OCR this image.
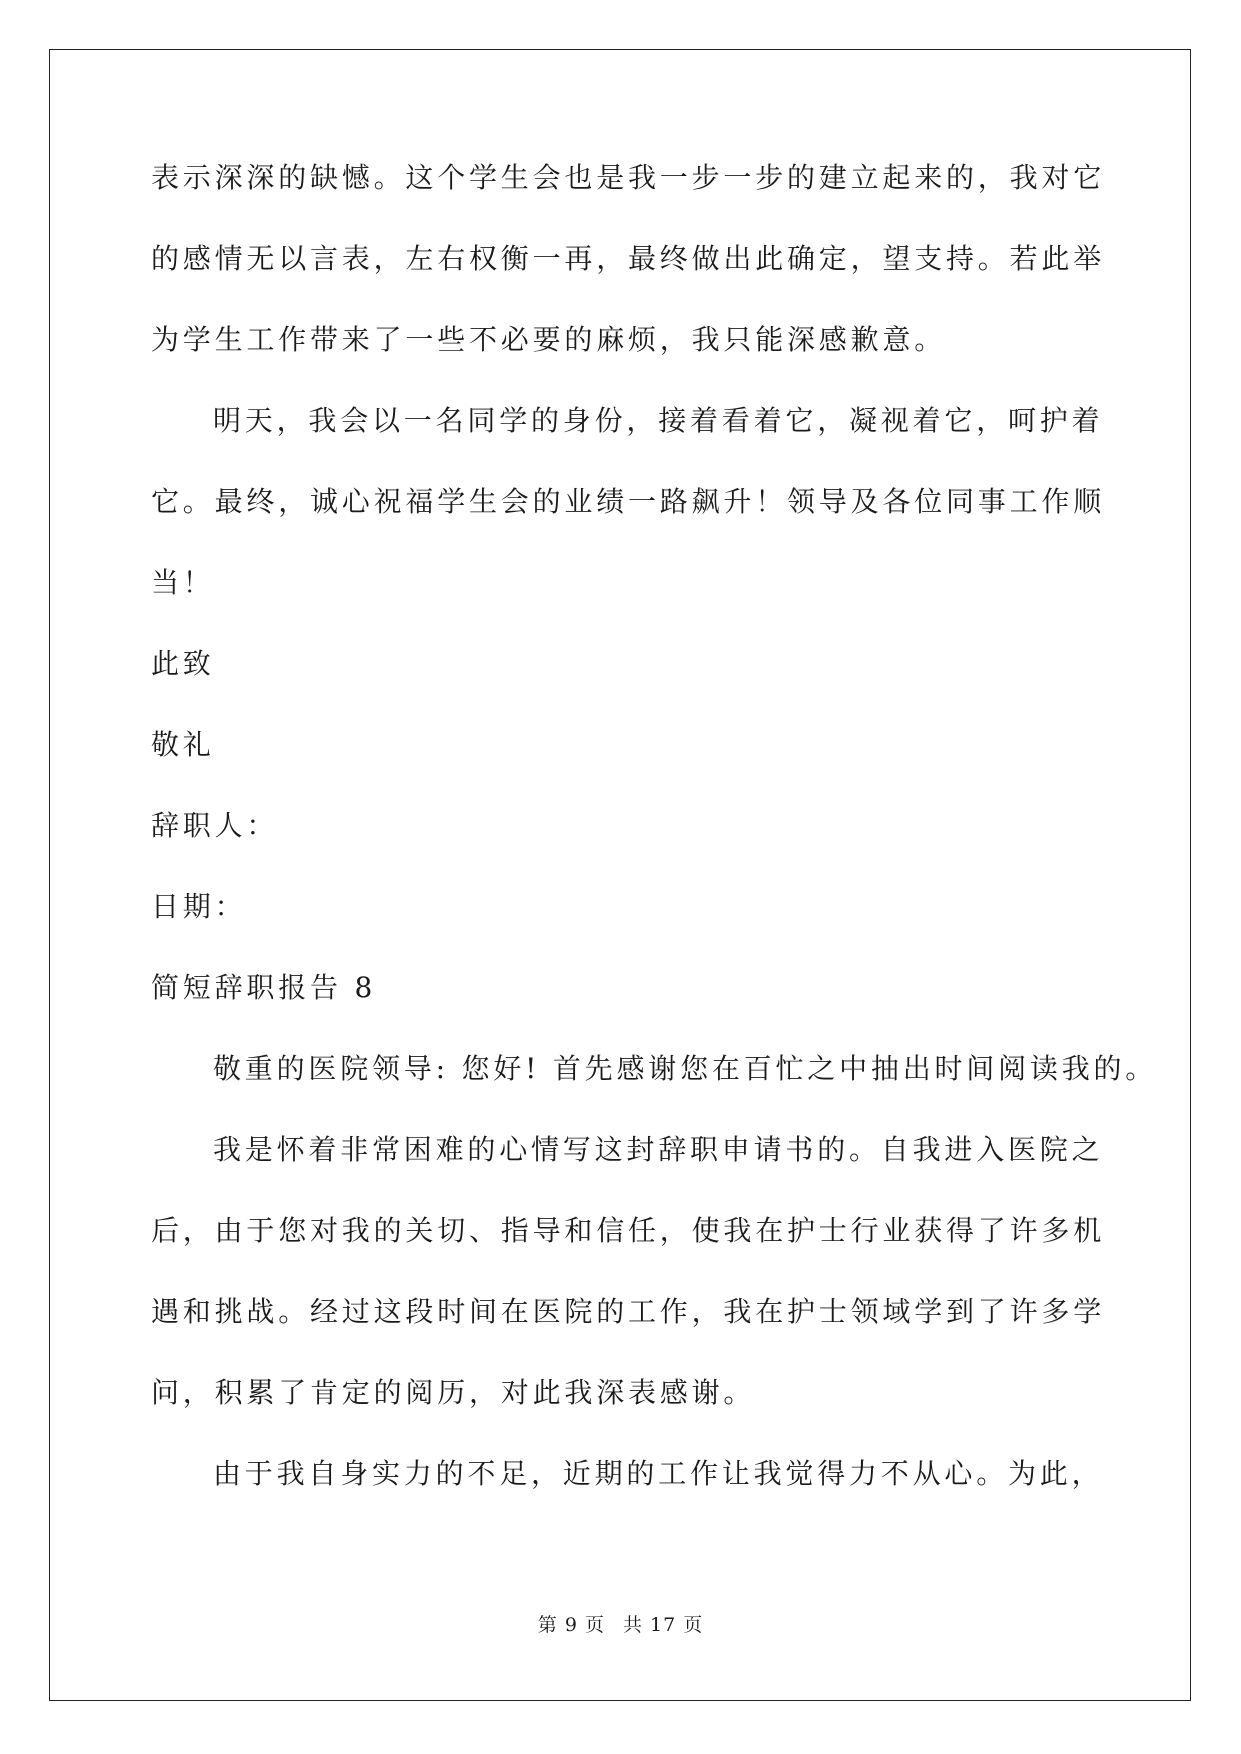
表示深深的缺憾。这个学生会也是我一步一步的建立起来的，我对它
的感情无以言表，左右权衡一再，最终做出此确定，望支持。若此举
为学生工作带来了一些不必要的麻烦，我只能深感歉意。
明天，我会以一名同学的身份，接着看着它，凝视着它，呵护着
它。最终，诚心祝福学生会的业绩一路飙升！领导及各位同事工作顺
当！
此致
敬礼
辞职人：
日期：
简短辞职报告 8
敬重的医院领导: 您好! 首先感谢您在百忙之中抽出时间阅读我的。
我是怀着非常困难的心情写这封辞职申请书的。自我进入医院之
后，由于您对我的关切、指导和信任，使我在护士行业获得了许多机
遇和挑战。经过这段时间在医院的工作，我在护士领域学到了许多学
问，积累了肯定的阅历，对此我深表感谢。
由于我自身实力的不足，近期的工作让我觉得力不从心。为此，
第 9 页 共 17 页
